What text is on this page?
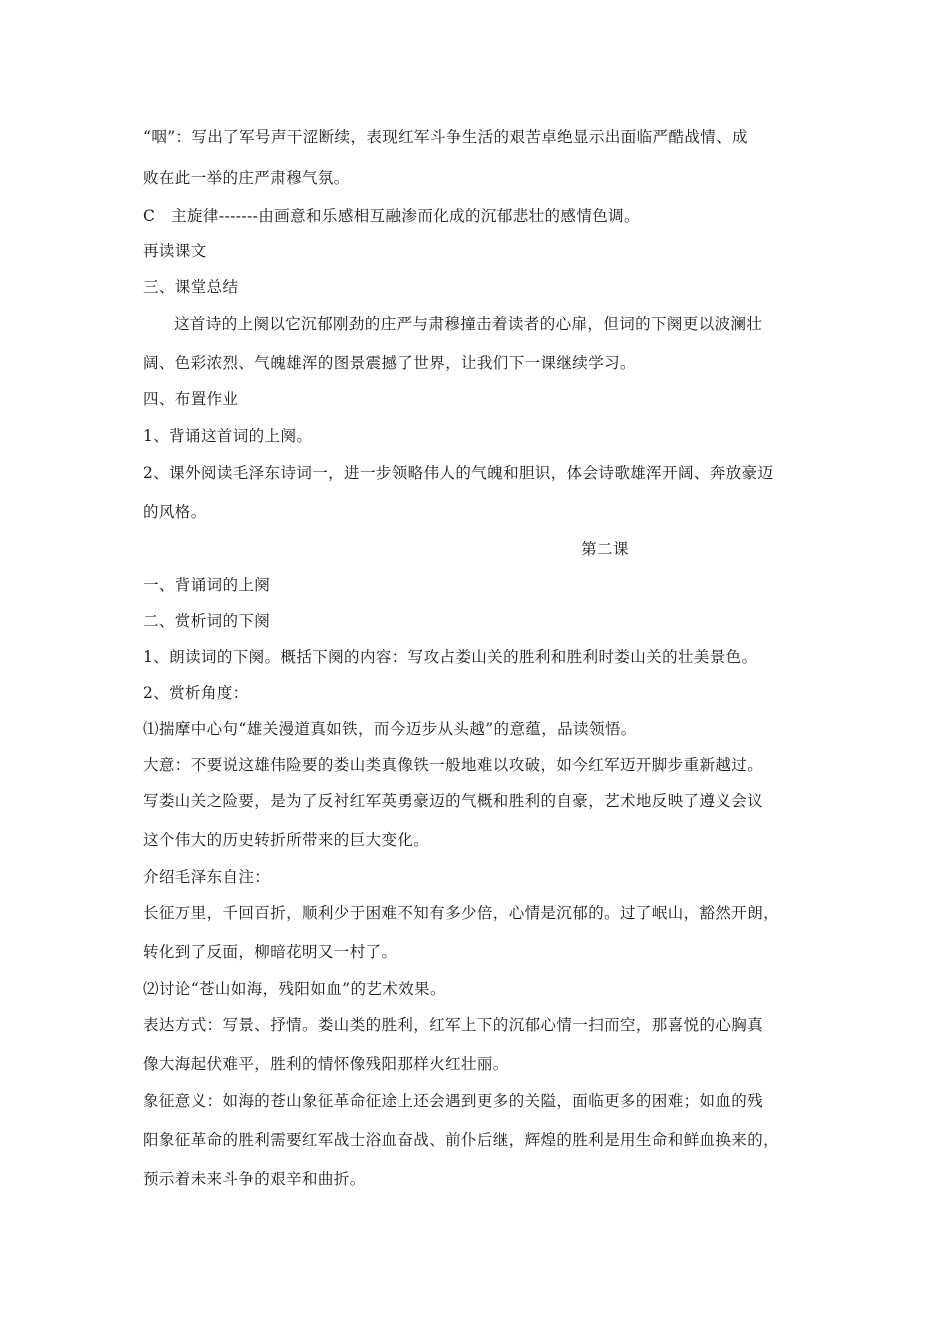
“咽”：写出了军号声干涩断续，表现红军斗争生活的艰苦卓绝显示出面临严酷战情、成
败在此一举的庄严肃穆气氛。
C　主旋律-------由画意和乐感相互融渗而化成的沉郁悲壮的感情色调。
再读课文
三、课堂总结
这首诗的上阕以它沉郁刚劲的庄严与肃穆撞击着读者的心扉，但词的下阕更以波澜壮
阔、色彩浓烈、气魄雄浑的图景震撼了世界，让我们下一课继续学习。
四、布置作业
1、背诵这首词的上阕。
2、课外阅读毛泽东诗词一，进一步领略伟人的气魄和胆识，体会诗歌雄浑开阔、奔放豪迈
的风格。
第二课
一、背诵词的上阕
二、赏析词的下阕
1、朗读词的下阕。概括下阕的内容：写攻占娄山关的胜利和胜利时娄山关的壮美景色。
2、赏析角度：
⑴揣摩中心句“雄关漫道真如铁，而今迈步从头越”的意蕴，品读领悟。
大意：不要说这雄伟险要的娄山类真像铁一般地难以攻破，如今红军迈开脚步重新越过。
写娄山关之险要，是为了反衬红军英勇豪迈的气概和胜利的自豪，艺术地反映了遵义会议
这个伟大的历史转折所带来的巨大变化。
介绍毛泽东自注：
长征万里，千回百折，顺利少于困难不知有多少倍，心情是沉郁的。过了岷山，豁然开朗，
转化到了反面，柳暗花明又一村了。
⑵讨论“苍山如海，残阳如血”的艺术效果。
表达方式：写景、抒情。娄山类的胜利，红军上下的沉郁心情一扫而空，那喜悦的心胸真
像大海起伏难平，胜利的情怀像残阳那样火红壮丽。
象征意义：如海的苍山象征革命征途上还会遇到更多的关隘，面临更多的困难；如血的残
阳象征革命的胜利需要红军战士浴血奋战、前仆后继，辉煌的胜利是用生命和鲜血换来的，
预示着未来斗争的艰辛和曲折。
